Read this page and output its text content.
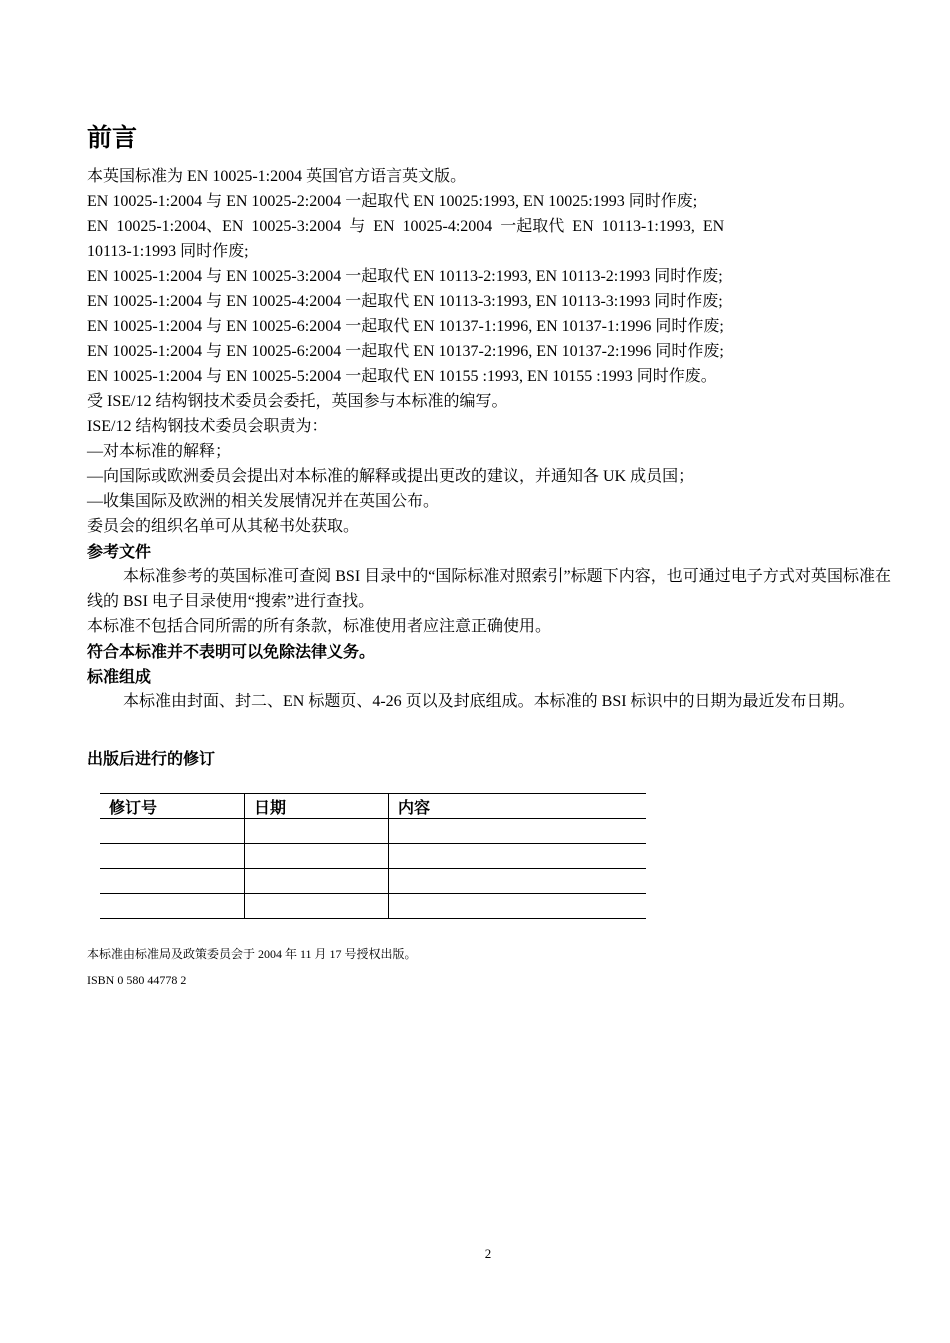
前言
本英国标准为 EN 10025-1:2004 英国官方语言英文版。
EN 10025-1:2004 与 EN 10025-2:2004 一起取代 EN 10025:1993, EN 10025:1993 同时作废;
EN  10025-1:2004、EN  10025-3:2004  与  EN  10025-4:2004  一起取代  EN  10113-1:1993,  EN
10113-1:1993 同时作废;
EN 10025-1:2004 与 EN 10025-3:2004 一起取代 EN 10113-2:1993, EN 10113-2:1993 同时作废;
EN 10025-1:2004 与 EN 10025-4:2004 一起取代 EN 10113-3:1993, EN 10113-3:1993 同时作废;
EN 10025-1:2004 与 EN 10025-6:2004 一起取代 EN 10137-1:1996, EN 10137-1:1996 同时作废;
EN 10025-1:2004 与 EN 10025-6:2004 一起取代 EN 10137-2:1996, EN 10137-2:1996 同时作废;
EN 10025-1:2004 与 EN 10025-5:2004 一起取代 EN 10155 :1993, EN 10155 :1993 同时作废。
受 ISE/12 结构钢技术委员会委托，英国参与本标准的编写。
ISE/12 结构钢技术委员会职责为：
—对本标准的解释；
—向国际或欧洲委员会提出对本标准的解释或提出更改的建议，并通知各 UK 成员国；
—收集国际及欧洲的相关发展情况并在英国公布。
委员会的组织名单可从其秘书处获取。
参考文件
本标准参考的英国标准可查阅 BSI 目录中的“国际标准对照索引”标题下内容，也可通过电子方式对英国标准在线的 BSI 电子目录使用“搜索”进行查找。
本标准不包括合同所需的所有条款，标准使用者应注意正确使用。
符合本标准并不表明可以免除法律义务。
标准组成
本标准由封面、封二、EN 标题页、4-26 页以及封底组成。本标准的 BSI 标识中的日期为最近发布日期。
出版后进行的修订
修订号	日期	内容

本标准由标准局及政策委员会于 2004 年 11 月 17 号授权出版。
ISBN 0 580 44778 2
2
